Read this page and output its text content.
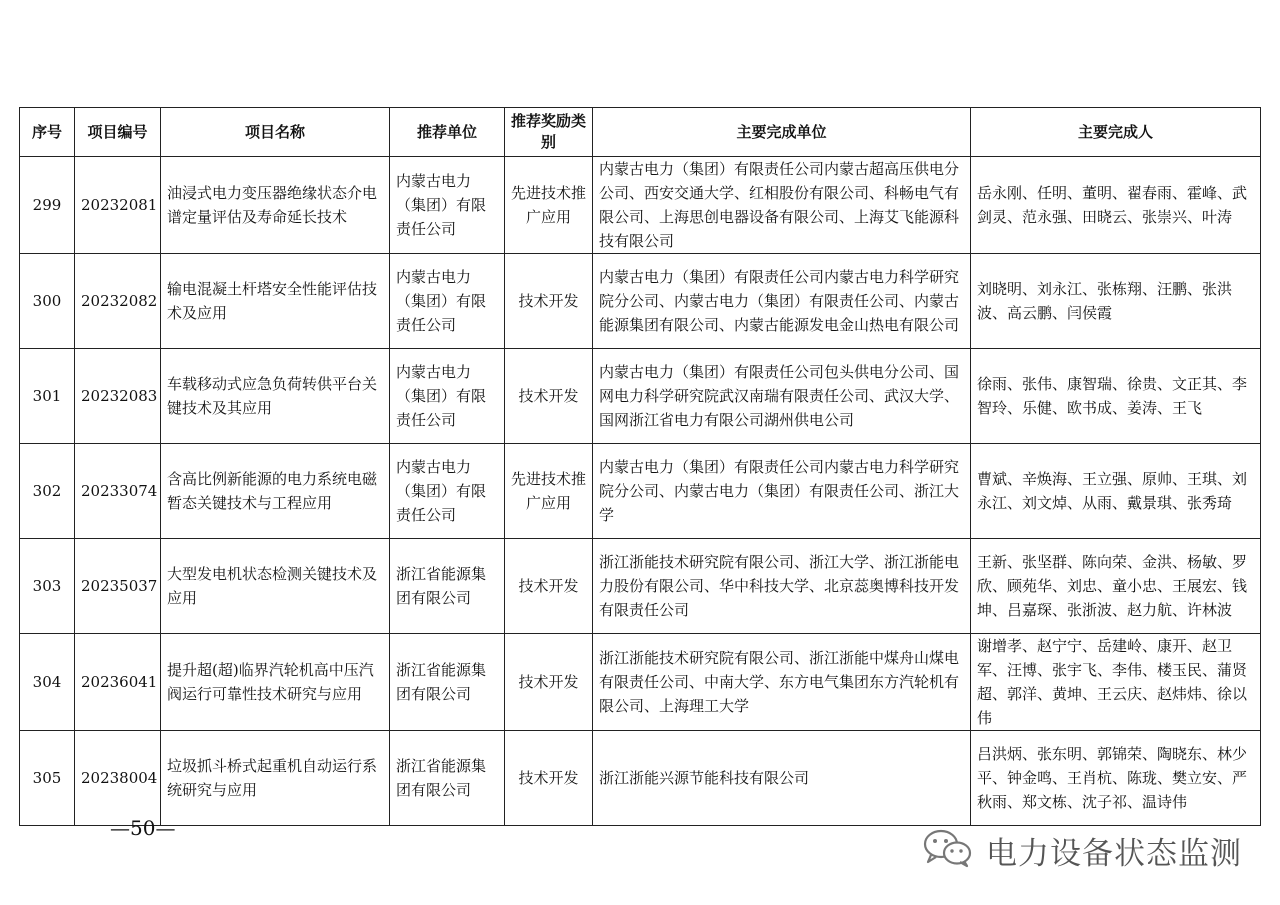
序号	项目编号	项目名称	推荐单位	推荐奖励类别	主要完成单位	主要完成人
299	20232081	油浸式电力变压器绝缘状态介电谱定量评估及寿命延长技术	内蒙古电力（集团）有限责任公司	先进技术推广应用	内蒙古电力（集团）有限责任公司内蒙古超高压供电分公司、西安交通大学、红相股份有限公司、科畅电气有限公司、上海思创电器设备有限公司、上海艾飞能源科技有限公司	岳永刚、任明、董明、翟春雨、霍峰、武剑灵、范永强、田晓云、张崇兴、叶涛
300	20232082	输电混凝土杆塔安全性能评估技术及应用	内蒙古电力（集团）有限责任公司	技术开发	内蒙古电力（集团）有限责任公司内蒙古电力科学研究院分公司、内蒙古电力（集团）有限责任公司、内蒙古能源集团有限公司、内蒙古能源发电金山热电有限公司	刘晓明、刘永江、张栋翔、汪鹏、张洪波、高云鹏、闫侯霞
301	20232083	车载移动式应急负荷转供平台关键技术及其应用	内蒙古电力（集团）有限责任公司	技术开发	内蒙古电力（集团）有限责任公司包头供电分公司、国网电力科学研究院武汉南瑞有限责任公司、武汉大学、国网浙江省电力有限公司湖州供电公司	徐雨、张伟、康智瑞、徐贵、文正其、李智玲、乐健、欧书成、姜涛、王飞
302	20233074	含高比例新能源的电力系统电磁暂态关键技术与工程应用	内蒙古电力（集团）有限责任公司	先进技术推广应用	内蒙古电力（集团）有限责任公司内蒙古电力科学研究院分公司、内蒙古电力（集团）有限责任公司、浙江大学	曹斌、辛焕海、王立强、原帅、王琪、刘永江、刘文焯、从雨、戴景琪、张秀琦
303	20235037	大型发电机状态检测关键技术及应用	浙江省能源集团有限公司	技术开发	浙江浙能技术研究院有限公司、浙江大学、浙江浙能电力股份有限公司、华中科技大学、北京蕊奥博科技开发有限责任公司	王新、张坚群、陈向荣、金洪、杨敏、罗欣、顾苑华、刘忠、童小忠、王展宏、钱坤、吕嘉琛、张浙波、赵力航、许林波
304	20236041	提升超(超)临界汽轮机高中压汽阀运行可靠性技术研究与应用	浙江省能源集团有限公司	技术开发	浙江浙能技术研究院有限公司、浙江浙能中煤舟山煤电有限责任公司、中南大学、东方电气集团东方汽轮机有限公司、上海理工大学	谢增孝、赵宁宁、岳建岭、康开、赵卫军、汪博、张宇飞、李伟、楼玉民、蒲贤超、郭洋、黄坤、王云庆、赵炜炜、徐以伟
305	20238004	垃圾抓斗桥式起重机自动运行系统研究与应用	浙江省能源集团有限公司	技术开发	浙江浙能兴源节能科技有限公司	吕洪炳、张东明、郭锦荣、陶晓东、林少平、钟金鸣、王肖杭、陈珑、樊立安、严秋雨、郑文栋、沈子祁、温诗伟
—50—
电力设备状态监测
